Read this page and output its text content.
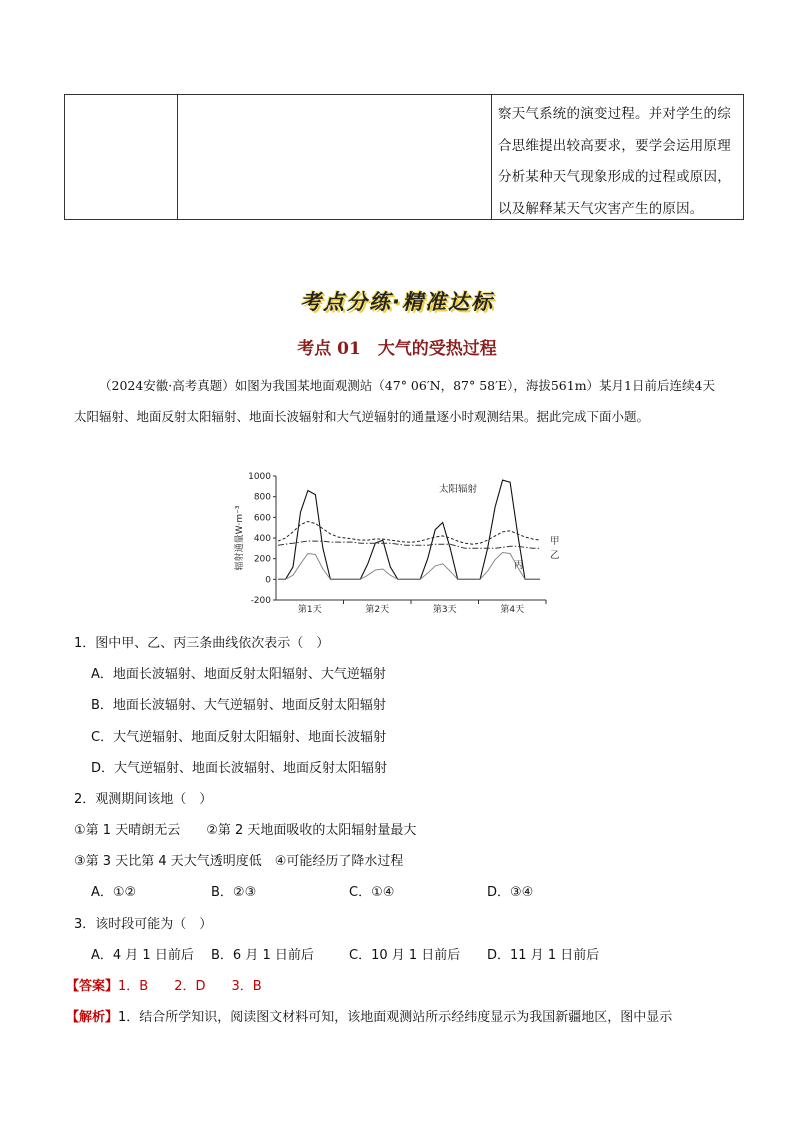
察天气系统的演变过程。并对学生的综
合思维提出较高要求，要学会运用原理
分析某种天气现象形成的过程或原因，
以及解释某天气灾害产生的原因。
考点分练·精准达标
考点 01　大气的受热过程
（2024安徽·高考真题）如图为我国某地面观测站（47° 06′N，87° 58′E），海拔561m）某月1日前后连续4天太阳辐射、地面反射太阳辐射、地面长波辐射和大气逆辐射的通量逐小时观测结果。据此完成下面小题。
1000
800
600
400
200
0
-200
辐射通量W·m⁻³
第1天	第2天	第3天	第4天
太阳辐射
甲
乙
丙
1．图中甲、乙、丙三条曲线依次表示（　）
A．地面长波辐射、地面反射太阳辐射、大气逆辐射
B．地面长波辐射、大气逆辐射、地面反射太阳辐射
C．大气逆辐射、地面反射太阳辐射、地面长波辐射
D．大气逆辐射、地面长波辐射、地面反射太阳辐射
2．观测期间该地（　）
①第 1 天晴朗无云　　②第 2 天地面吸收的太阳辐射量最大
③第 3 天比第 4 天大气透明度低　④可能经历了降水过程
A．①②	B．②③	C．①④	D．③④
3．该时段可能为（　）
A．4 月 1 日前后 B．6 月 1 日前后	C．10 月 1 日前后 D．11 月 1 日前后
【答案】1．B　　2．D　　3．B
【解析】1．结合所学知识，阅读图文材料可知，该地面观测站所示经纬度显示为我国新疆地区，图中显示
